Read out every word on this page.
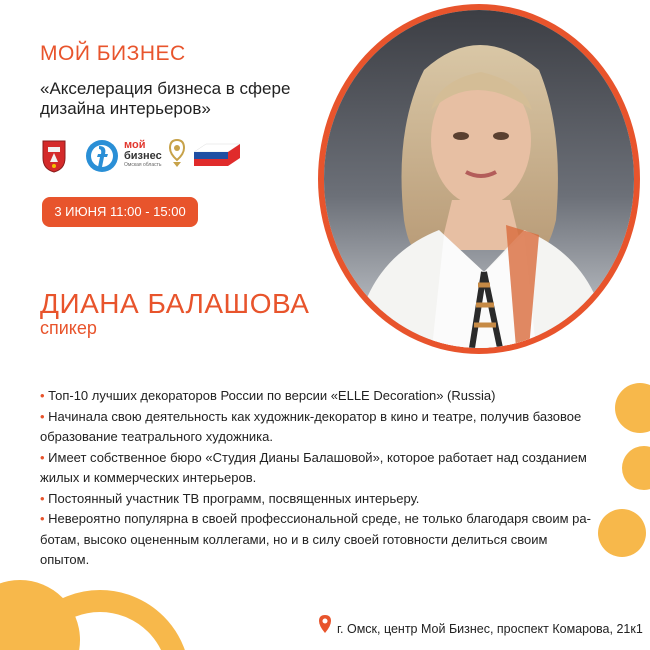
МОЙ БИЗНЕС
«Акселерация бизнеса в сфере
дизайна интерьеров»
мой
бизнес
Омская область
3 ИЮНЯ 11:00 - 15:00
ДИАНА БАЛАШОВА
спикер
• Топ-10 лучших декораторов России по версии «ELLE Decoration» (Russia)
• Начинала свою деятельность как художник-декоратор в кино и театре, получив базовое
образование театрального художника.
• Имеет собственное бюро «Студия Дианы Балашовой», которое работает над созданием
жилых и коммерческих интерьеров.
• Постоянный участник ТВ программ, посвященных интерьеру.
• Невероятно популярна в своей профессиональной среде, не только благодаря своим ра-
ботам, высоко оцененным коллегами, но и в силу своей готовности делиться своим
опытом.
г. Омск, центр Мой Бизнес, проспект Комарова, 21к1
